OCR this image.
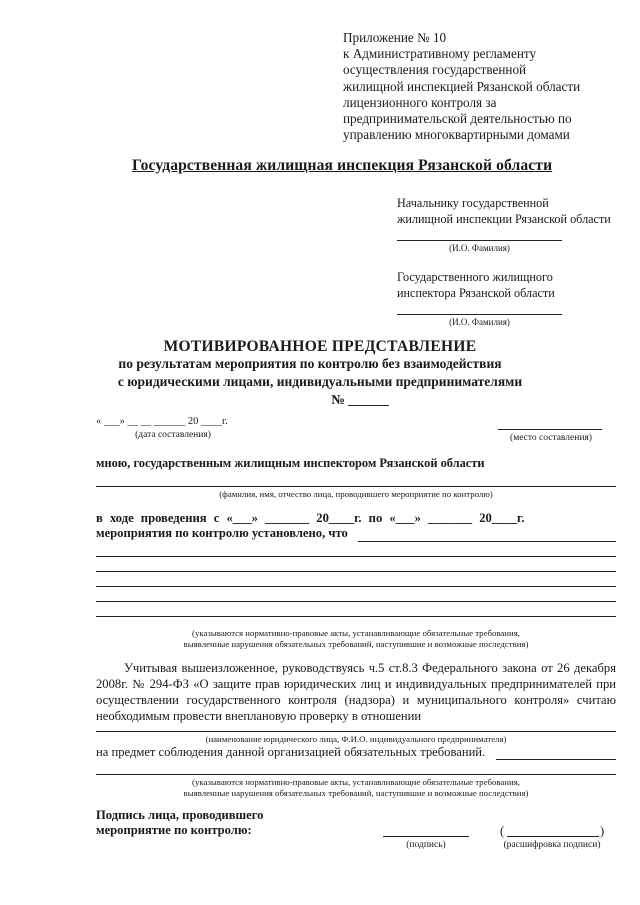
Приложение № 10
к Административному регламенту
осуществления государственной
жилищной инспекцией Рязанской области
лицензионного контроля за
предпринимательской деятельностью по
управлению многоквартирными домами
Государственная жилищная инспекция Рязанской области
Начальнику государственной
жилищной инспекции Рязанской области
(И.О. Фамилия)
Государственного жилищного
инспектора Рязанской области
(И.О. Фамилия)
МОТИВИРОВАННОЕ ПРЕДСТАВЛЕНИЕ
по результатам мероприятия по контролю без взаимодействия
с юридическими лицами, индивидуальными предпринимателями
№ ______
« ___» __ __ ______ 20 ____г.
(дата составления)	(место составления)
мною, государственным жилищным инспектором Рязанской области
(фамилия, имя, отчество лица, проводившего мероприятие по контролю)
в ходе проведения с «___» _______ 20____г. по «___» _______ 20____г.
мероприятия по контролю установлено, что
(указываются нормативно-правовые акты, устанавливающие обязательные требования,
выявленные нарушения обязательных требований, наступившие и возможные последствия)
Учитывая вышеизложенное, руководствуясь ч.5 ст.8.3 Федерального закона от 26 декабря 2008г. № 294-ФЗ «О защите прав юридических лиц и индивидуальных предпринимателей при осуществлении государственного контроля (надзора) и муниципального контроля» считаю необходимым провести внеплановую проверку в отношении
(наименование юридического лица, Ф.И.О. индивидуального предпринимателя)
на предмет соблюдения данной организацией обязательных требований.
(указываются нормативно-правовые акты, устанавливающие обязательные требования,
выявленные нарушения обязательных требований, наступившие и возможные последствия)
Подпись лица, проводившего
мероприятие по контролю:
(подпись)
(	)
(расшифровка подписи)
